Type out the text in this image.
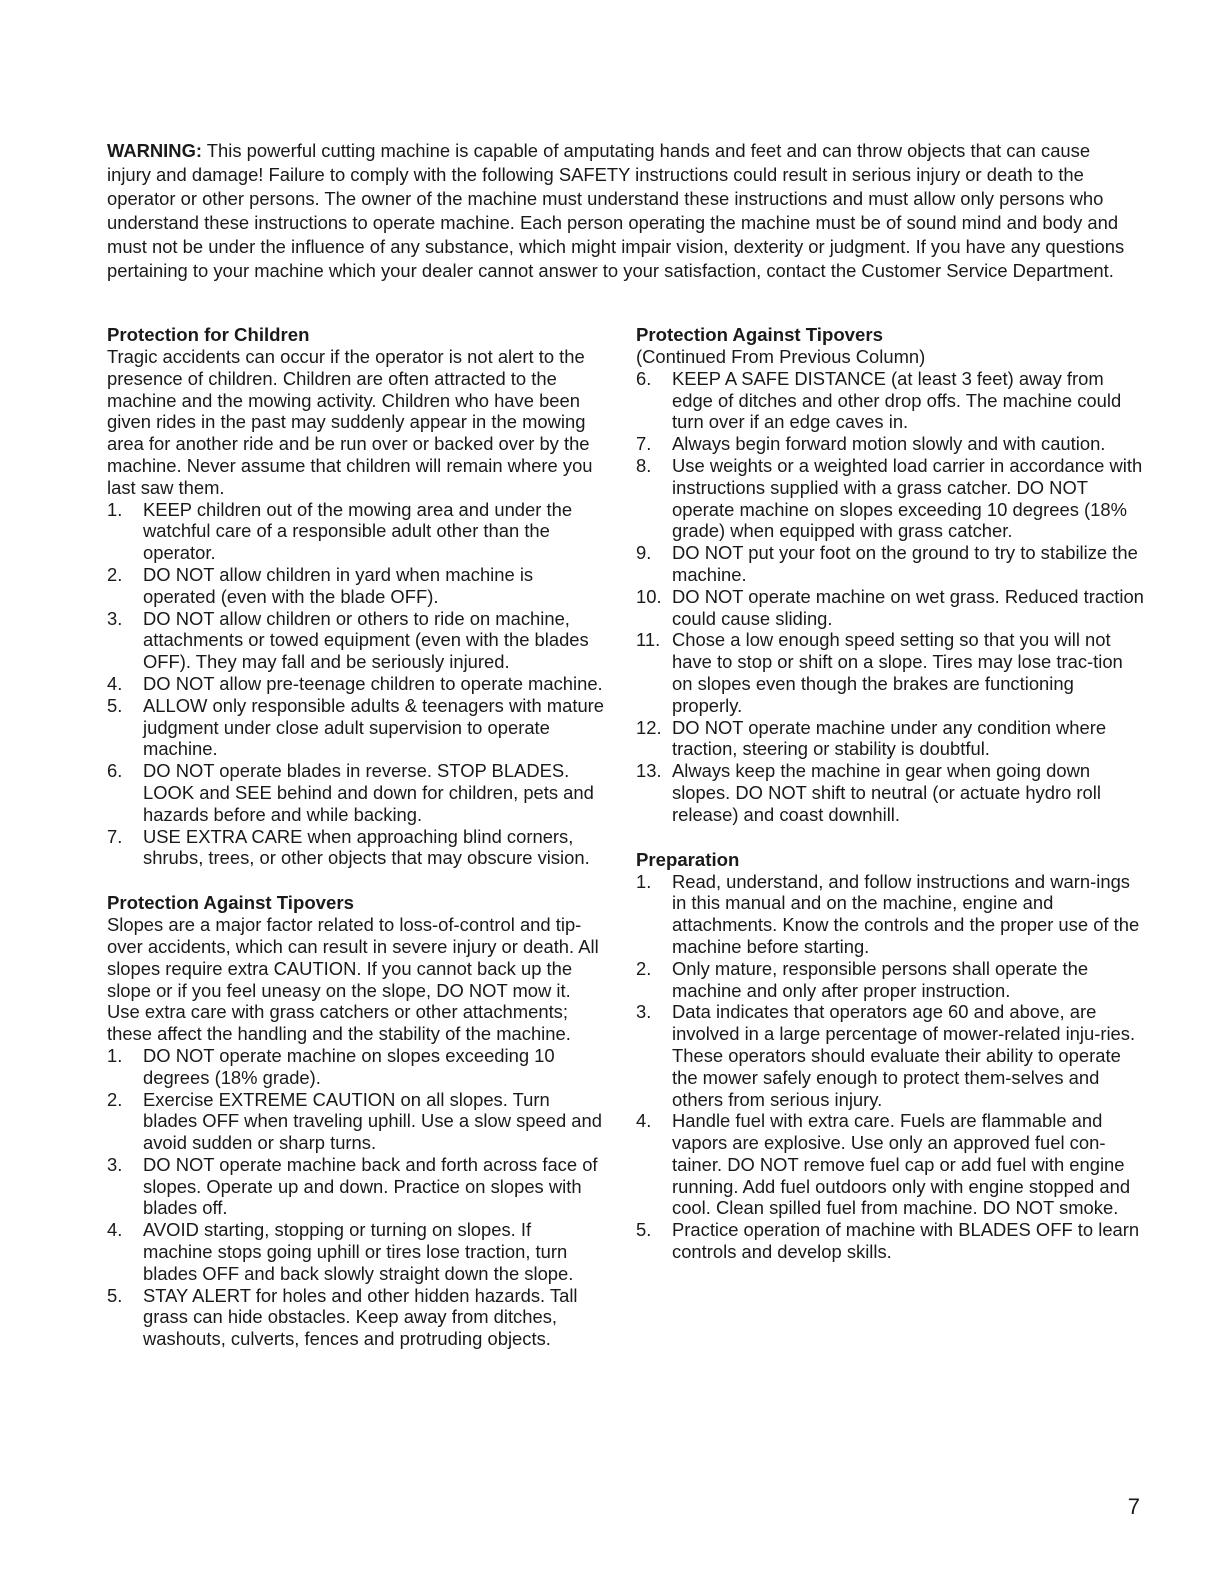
WARNING: This powerful cutting machine is capable of amputating hands and feet and can throw objects that can cause injury and damage! Failure to comply with the following SAFETY instructions could result in serious injury or death to the operator or other persons. The owner of the machine must understand these instructions and must allow only persons who understand these instructions to operate machine. Each person operating the machine must be of sound mind and body and must not be under the influence of any substance, which might impair vision, dexterity or judgment. If you have any questions pertaining to your machine which your dealer cannot answer to your satisfaction, contact the Customer Service Department.

Protection for Children

Tragic accidents can occur if the operator is not alert to the presence of children. Children are often attracted to the machine and the mowing activity. Children who have been given rides in the past may suddenly appear in the mowing area for another ride and be run over or backed over by the machine. Never assume that children will remain where you last saw them.

1. KEEP children out of the mowing area and under the watchful care of a responsible adult other than the operator.
2. DO NOT allow children in yard when machine is operated (even with the blade OFF).
3. DO NOT allow children or others to ride on machine, attachments or towed equipment (even with the blades OFF). They may fall and be seriously injured.
4. DO NOT allow pre-teenage children to operate machine.
5. ALLOW only responsible adults & teenagers with mature judgment under close adult supervision to operate machine.
6. DO NOT operate blades in reverse. STOP BLADES. LOOK and SEE behind and down for children, pets and hazards before and while backing.
7. USE EXTRA CARE when approaching blind corners, shrubs, trees, or other objects that may obscure vision.
Protection Against Tipovers

Slopes are a major factor related to loss-of-control and tip-over accidents, which can result in severe injury or death. All slopes require extra CAUTION. If you cannot back up the slope or if you feel uneasy on the slope, DO NOT mow it. Use extra care with grass catchers or other attachments; these affect the handling and the stability of the machine.

1. DO NOT operate machine on slopes exceeding 10 degrees (18% grade).
2. Exercise EXTREME CAUTION on all slopes. Turn blades OFF when traveling uphill. Use a slow speed and avoid sudden or sharp turns.
3. DO NOT operate machine back and forth across face of slopes. Operate up and down. Practice on slopes with blades off.
4. AVOID starting, stopping or turning on slopes. If machine stops going uphill or tires lose traction, turn blades OFF and back slowly straight down the slope.
5. STAY ALERT for holes and other hidden hazards. Tall grass can hide obstacles. Keep away from ditches, washouts, culverts, fences and protruding objects.
Protection Against Tipovers

(Continued From Previous Column)

6. KEEP A SAFE DISTANCE (at least 3 feet) away from edge of ditches and other drop offs. The machine could turn over if an edge caves in.
7. Always begin forward motion slowly and with caution.
8. Use weights or a weighted load carrier in accordance with instructions supplied with a grass catcher. DO NOT operate machine on slopes exceeding 10 degrees (18% grade) when equipped with grass catcher.
9. DO NOT put your foot on the ground to try to stabilize the machine.
10. DO NOT operate machine on wet grass. Reduced traction could cause sliding.
11. Chose a low enough speed setting so that you will not have to stop or shift on a slope. Tires may lose trac-tion on slopes even though the brakes are functioning properly.
12. DO NOT operate machine under any condition where traction, steering or stability is doubtful.
13. Always keep the machine in gear when going down slopes. DO NOT shift to neutral (or actuate hydro roll release) and coast downhill.
Preparation
1. Read, understand, and follow instructions and warn-ings in this manual and on the machine, engine and attachments. Know the controls and the proper use of the machine before starting.
2. Only mature, responsible persons shall operate the machine and only after proper instruction.
3. Data indicates that operators age 60 and above, are involved in a large percentage of mower-related inju-ries. These operators should evaluate their ability to operate the mower safely enough to protect them-selves and others from serious injury.
4. Handle fuel with extra care. Fuels are flammable and vapors are explosive. Use only an approved fuel con-tainer. DO NOT remove fuel cap or add fuel with engine running. Add fuel outdoors only with engine stopped and cool. Clean spilled fuel from machine. DO NOT smoke.
5. Practice operation of machine with BLADES OFF to learn controls and develop skills.
7
